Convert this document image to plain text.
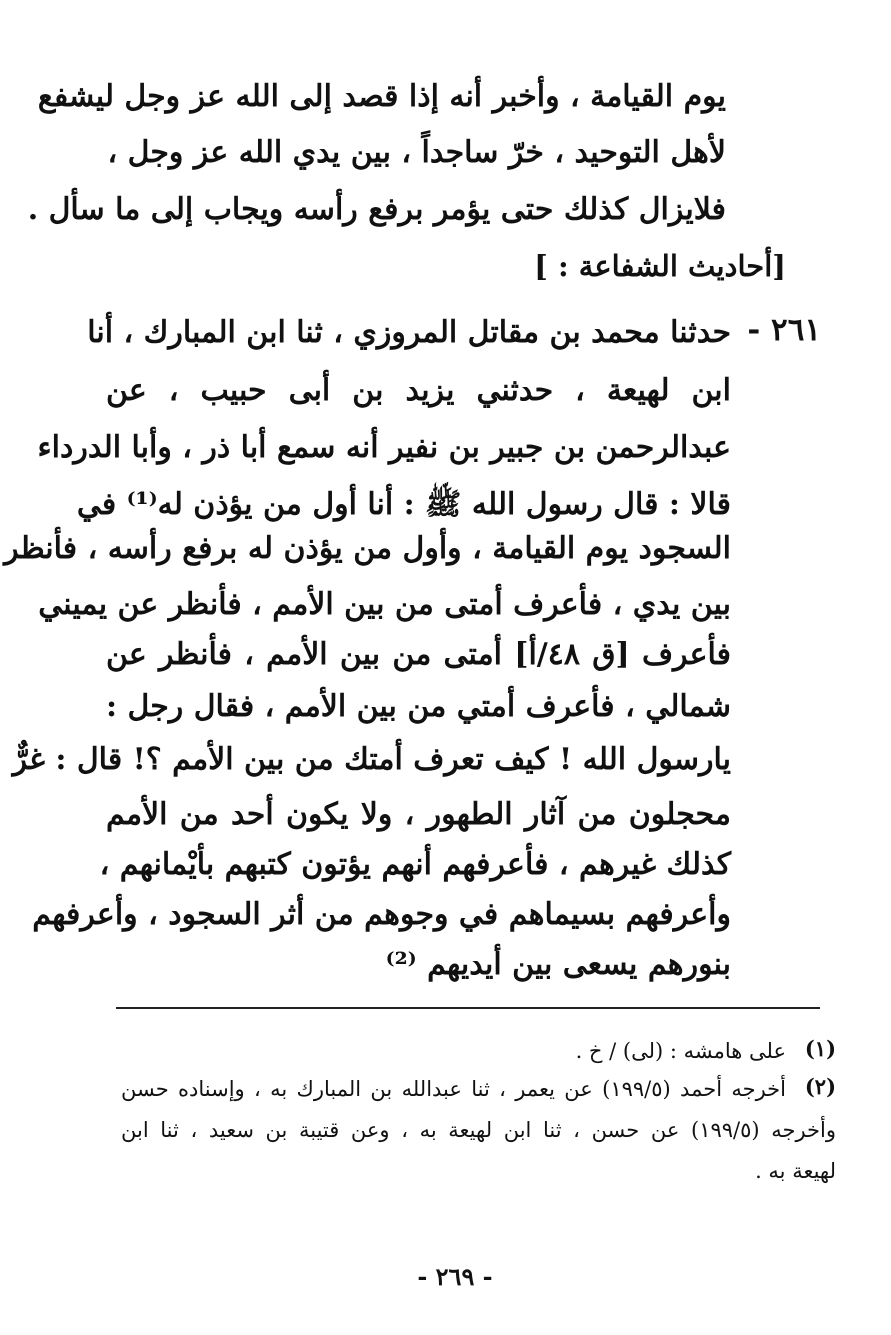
يوم القيامة ، وأخبر أنه إذا قصد إلى الله عز وجل ليشفع
لأهل التوحيد ، خرّ ساجداً ، بين يدي الله عز وجل ،
فلايزال كذلك حتى يؤمر برفع رأسه ويجاب إلى ما سأل .
[أحاديث الشفاعة : ]
٢٦١ -
حدثنا محمد بن مقاتل المروزي ، ثنا ابن المبارك ، أنا
ابن لهيعة ، حدثني يزيد بن أبى حبيب ، عن
عبدالرحمن بن جبير بن نفير أنه سمع أبا ذر ، وأبا الدرداء
قالا : قال رسول الله ﷺ : أنا أول من يؤذن له⁽¹⁾ في
السجود يوم القيامة ، وأول من يؤذن له برفع رأسه ، فأنظر
بين يدي ، فأعرف أمتى من بين الأمم ، فأنظر عن يميني
فأعرف [ق ٤٨/أ] أمتى من بين الأمم ، فأنظر عن
شمالي ، فأعرف أمتي من بين الأمم ، فقال رجل :
يارسول الله ! كيف تعرف أمتك من بين الأمم ؟! قال : غرٌّ
محجلون من آثار الطهور ، ولا يكون أحد من الأمم
كذلك غيرهم ، فأعرفهم أنهم يؤتون كتبهم بأيْمانهم ،
وأعرفهم بسيماهم في وجوهم من أثر السجود ، وأعرفهم
بنورهم يسعى بين أيديهم ⁽²⁾
(١)
على هامشه : (لى) / خ .
(٢)
أخرجه أحمد (١٩٩/٥) عن يعمر ، ثنا عبدالله بن المبارك به ، وإسناده حسن
وأخرجه (١٩٩/٥) عن حسن ، ثنا ابن لهيعة به ، وعن قتيبة بن سعيد ، ثنا ابن
لهيعة به .
- ٢٦٩ -
